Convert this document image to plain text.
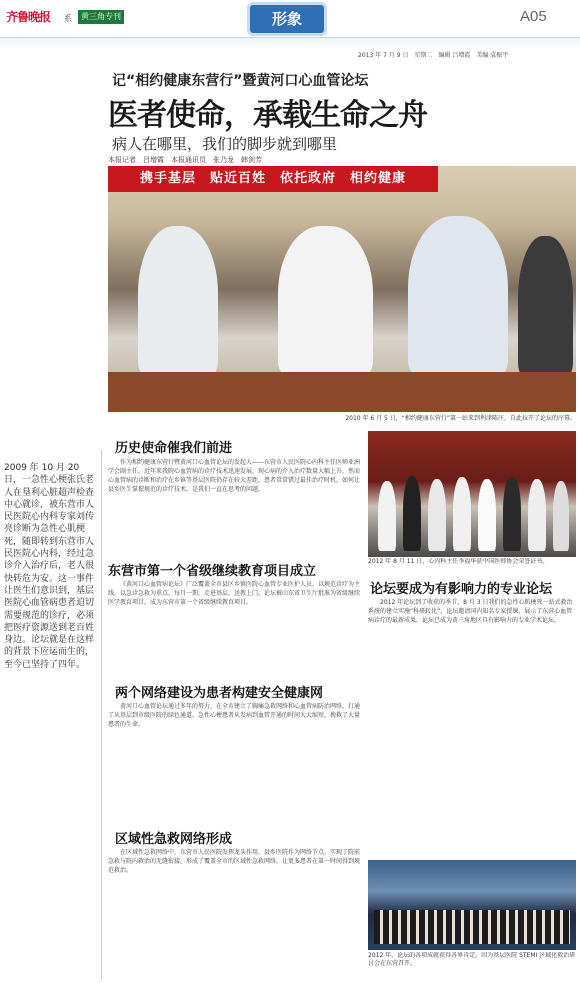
齐鲁晚报	系	黄三角专刊	形象	A05
2013 年 7 月 9 日　星期二　编辑 吕增霞　美编 袁振宇
记“相约健康东营行”暨黄河口心血管论坛
医者使命，承载生命之舟
病人在哪里，我们的脚步就到哪里
本报记者　吕增霞　本报通讯员　张乃龙　韩剑芳
携手基层　贴近百姓　依托政府　相约健康
2010 年 6 月 5 日，“相约健康东营行”第一站来到利津陈庄，自此拉开了论坛的序幕。
2009 年 10 月 20 日，一急性心梗张氏老人在垦利心脏超声检查中心就诊，被东营市人民医院心内科专家刘传亮诊断为急性心肌梗死，随即转到东营市人民医院心内科，经过急诊介入治疗后，老人很快转危为安。这一事件让医生们意识到，基层医院心血管病患者迫切需要规范的诊疗，必须把医疗资源送到老百姓身边。论坛就是在这样的背景下应运而生的，至今已坚持了四年。
历史使命催我们前进
作为相约健康东营行暨黄河口心血管论坛的发起人——东营市人民医院心内科主任医师亚洲学会副主任，近年来我院心血管病的诊疗技术迅速发展，现心病的介入治疗数量大幅上升，然而心血管病的诊断和治疗在乡镇等基层医院仍存在较大差距，患者常常错过最佳治疗时机。如何让县乡医生掌握规范的诊疗技术，是我们一直在思考的问题。
东营市第一个省级继续教育项目成立
《黄河口心血管病论坛》广泛覆盖全市县区乡镇医院心血管专业医护人员，以规范诊疗为主线，以急诊急救为重点，每月一期，走进基层，送教上门。论坛被山东省卫生厅批准为省级继续医学教育项目，成为东营市第一个省级继续教育项目。
两个网络建设为患者构建安全健康网
黄河口心血管论坛通过多年的努力，在全市建立了胸痛急救网络和心血管病防治网络，打通了从基层到市级医院的绿色通道。急性心梗患者从发病到血管开通的时间大大缩短，挽救了大量患者的生命。
区域性急救网络形成
在区域性急救网络中，东营市人民医院发挥龙头作用，县乡医院作为网络节点，实现了院前急救与院内救治的无缝衔接，形成了覆盖全市的区域性急救网络，让更多患者在第一时间得到规范救治。
2012 年 8 月 11 日，心内科主任李福华获中国医师协会荣誉证书。
论坛要成为有影响力的专业论坛
2012 年论坛到了收获的季节，8 月 3 日我们的急性心肌梗死一站式救治系统的建立实施“科研转化”，论坛邀请国内知名专家授课，展示了东营心血管病诊疗的最新成果，论坛已成为黄三角地区具有影响力的专业学术论坛。
2012 年，论坛的各项成就获得各界肯定，因为基层医院 STEMI 区域化救治研讨会在东营召开。
